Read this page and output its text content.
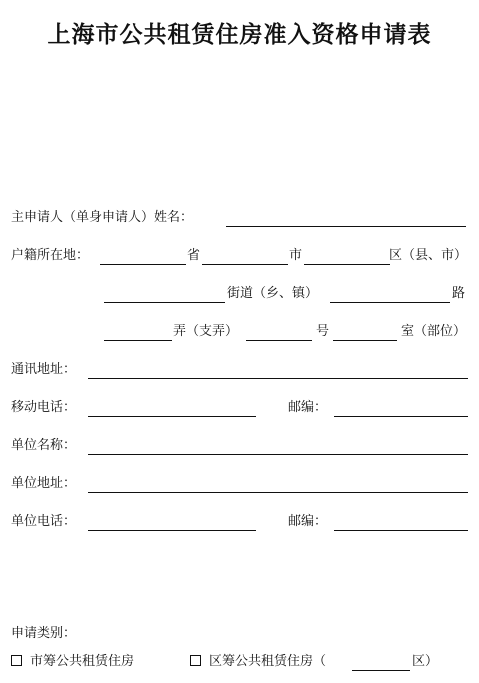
上海市公共租赁住房准入资格申请表
主申请人（单身申请人）姓名：
户籍所在地：	省	市	区（县、市）
街道（乡、镇）	路
弄（支弄）	号	室（部位）
通讯地址：
移动电话：	邮编：
单位名称：
单位地址：
单位电话：	邮编：
申请类别：
市筹公共租赁住房	区筹公共租赁住房（	区）
